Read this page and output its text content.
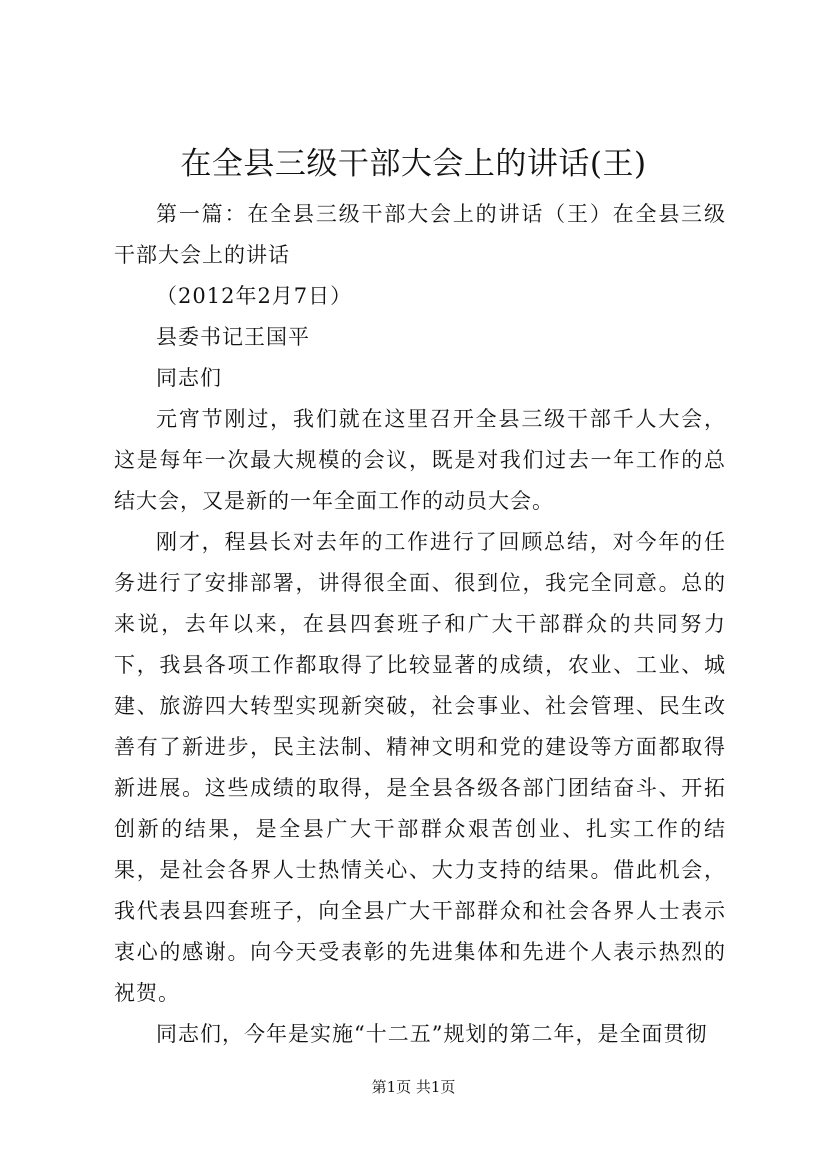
在全县三级干部大会上的讲话(王)

第一篇：在全县三级干部大会上的讲话（王）在全县三级干部大会上的讲话

（2012年2月7日）

县委书记王国平

同志们

元宵节刚过，我们就在这里召开全县三级干部千人大会，这是每年一次最大规模的会议，既是对我们过去一年工作的总结大会，又是新的一年全面工作的动员大会。

刚才，程县长对去年的工作进行了回顾总结，对今年的任务进行了安排部署，讲得很全面、很到位，我完全同意。总的来说，去年以来，在县四套班子和广大干部群众的共同努力下，我县各项工作都取得了比较显著的成绩，农业、工业、城建、旅游四大转型实现新突破，社会事业、社会管理、民生改善有了新进步，民主法制、精神文明和党的建设等方面都取得新进展。这些成绩的取得，是全县各级各部门团结奋斗、开拓创新的结果，是全县广大干部群众艰苦创业、扎实工作的结果，是社会各界人士热情关心、大力支持的结果。借此机会，我代表县四套班子，向全县广大干部群众和社会各界人士表示衷心的感谢。向今天受表彰的先进集体和先进个人表示热烈的祝贺。

同志们，今年是实施“十二五”规划的第二年，是全面贯彻

第1页 共1页
